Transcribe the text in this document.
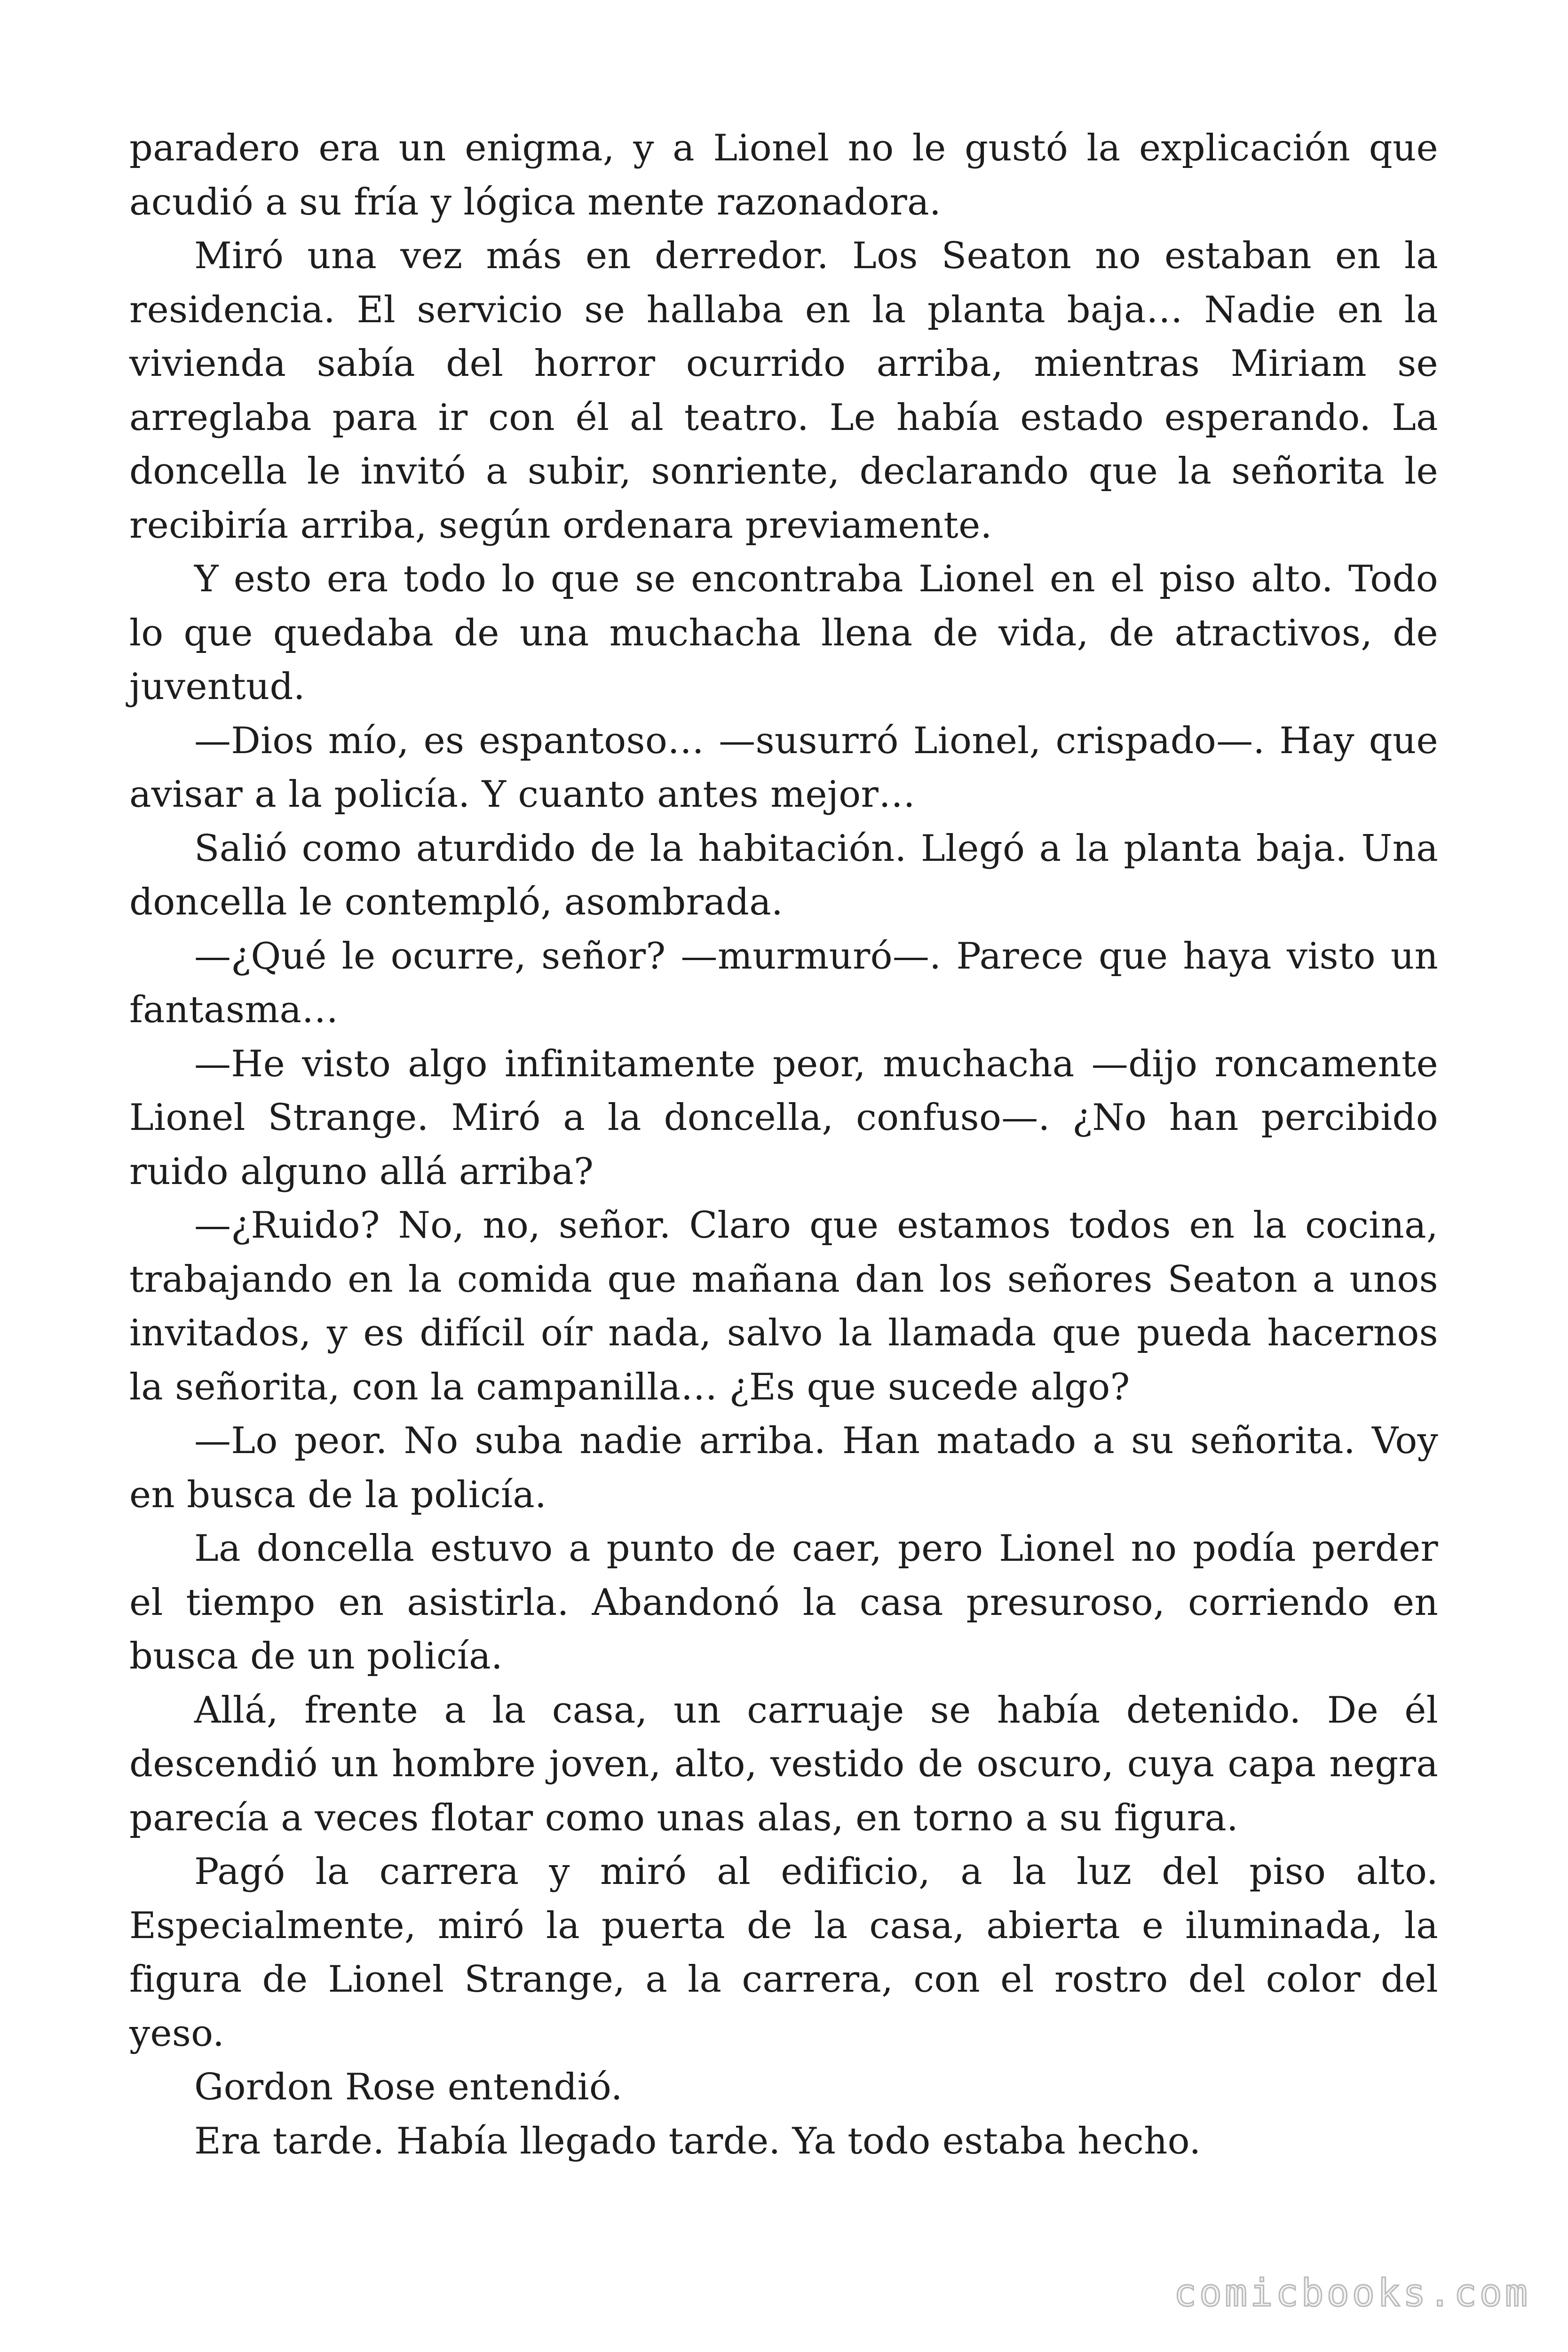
paradero era un enigma, y a Lionel no le gustó la explicación que acudió a su fría y lógica mente razonadora.

Miró una vez más en derredor. Los Seaton no estaban en la residencia. El servicio se hallaba en la planta baja… Nadie en la vivienda sabía del horror ocurrido arriba, mientras Miriam se arreglaba para ir con él al teatro. Le había estado esperando. La doncella le invitó a subir, sonriente, declarando que la señorita le recibiría arriba, según ordenara previamente.

Y esto era todo lo que se encontraba Lionel en el piso alto. Todo lo que quedaba de una muchacha llena de vida, de atractivos, de juventud.

—Dios mío, es espantoso… —susurró Lionel, crispado—. Hay que avisar a la policía. Y cuanto antes mejor…

Salió como aturdido de la habitación. Llegó a la planta baja. Una doncella le contempló, asombrada.

—¿Qué le ocurre, señor? —murmuró—. Parece que haya visto un fantasma…

—He visto algo infinitamente peor, muchacha —dijo roncamente Lionel Strange. Miró a la doncella, confuso—. ¿No han percibido ruido alguno allá arriba?

—¿Ruido? No, no, señor. Claro que estamos todos en la cocina, trabajando en la comida que mañana dan los señores Seaton a unos invitados, y es difícil oír nada, salvo la llamada que pueda hacernos la señorita, con la campanilla… ¿Es que sucede algo?

—Lo peor. No suba nadie arriba. Han matado a su señorita. Voy en busca de la policía.

La doncella estuvo a punto de caer, pero Lionel no podía perder el tiempo en asistirla. Abandonó la casa presuroso, corriendo en busca de un policía.

Allá, frente a la casa, un carruaje se había detenido. De él descendió un hombre joven, alto, vestido de oscuro, cuya capa negra parecía a veces flotar como unas alas, en torno a su figura.

Pagó la carrera y miró al edificio, a la luz del piso alto. Especialmente, miró la puerta de la casa, abierta e iluminada, la figura de Lionel Strange, a la carrera, con el rostro del color del yeso.

Gordon Rose entendió.

Era tarde. Había llegado tarde. Ya todo estaba hecho.

comicbooks.com
